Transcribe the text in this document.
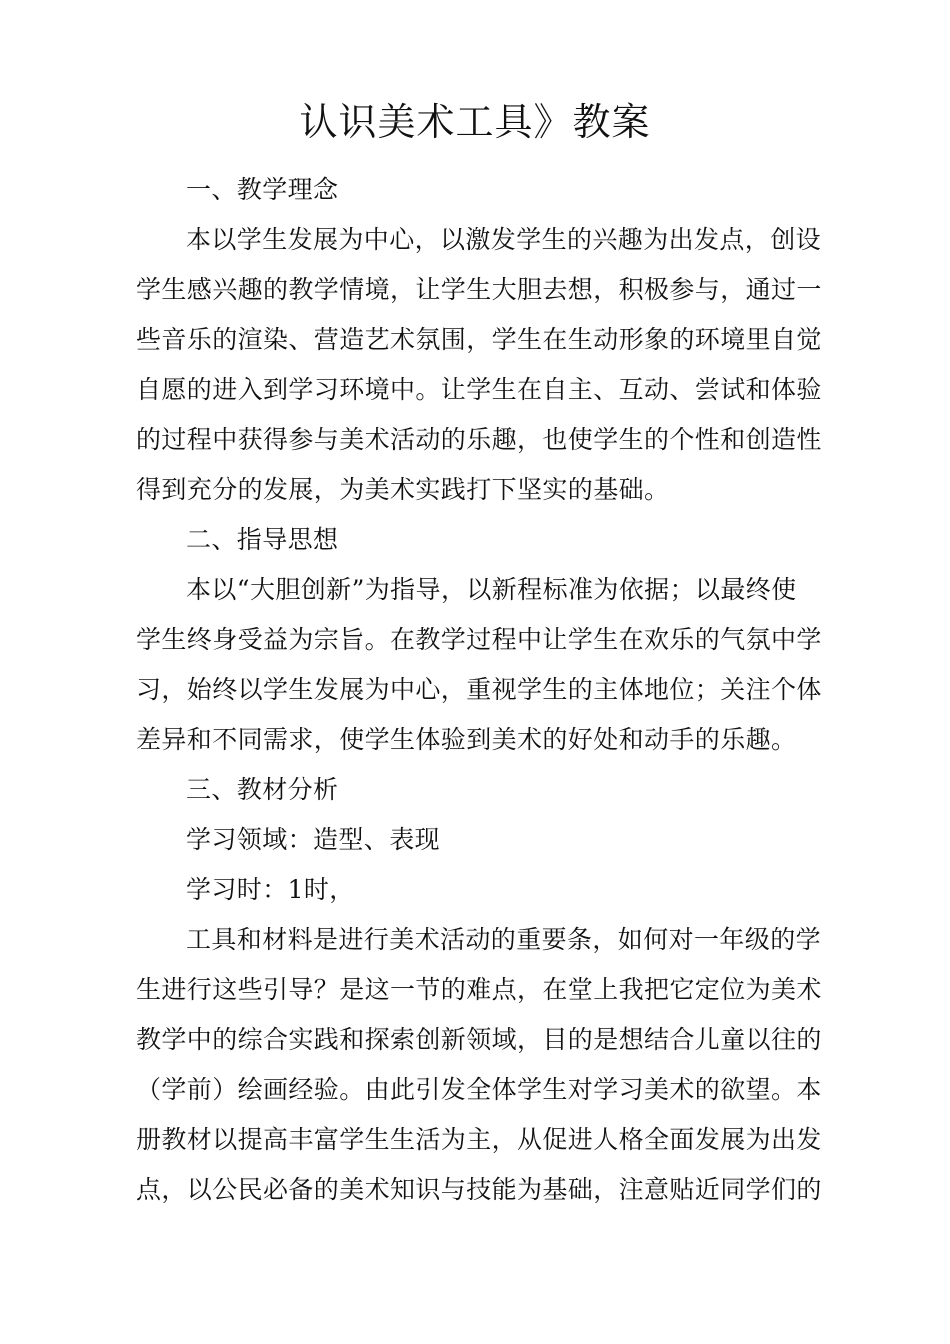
认识美术工具》教案
一、教学理念
本以学生发展为中心，以激发学生的兴趣为出发点，创设
学生感兴趣的教学情境，让学生大胆去想，积极参与，通过一
些音乐的渲染、营造艺术氛围，学生在生动形象的环境里自觉
自愿的进入到学习环境中。让学生在自主、互动、尝试和体验
的过程中获得参与美术活动的乐趣，也使学生的个性和创造性
得到充分的发展，为美术实践打下坚实的基础。
二、指导思想
本以“大胆创新”为指导，以新程标准为依据；以最终使
学生终身受益为宗旨。在教学过程中让学生在欢乐的气氛中学
习，始终以学生发展为中心，重视学生的主体地位；关注个体
差异和不同需求，使学生体验到美术的好处和动手的乐趣。
三、教材分析
学习领域：造型、表现
学习时：1时，
工具和材料是进行美术活动的重要条，如何对一年级的学
生进行这些引导？是这一节的难点，在堂上我把它定位为美术
教学中的综合实践和探索创新领域，目的是想结合儿童以往的
（学前）绘画经验。由此引发全体学生对学习美术的欲望。本
册教材以提高丰富学生生活为主，从促进人格全面发展为出发
点，以公民必备的美术知识与技能为基础，注意贴近同学们的
